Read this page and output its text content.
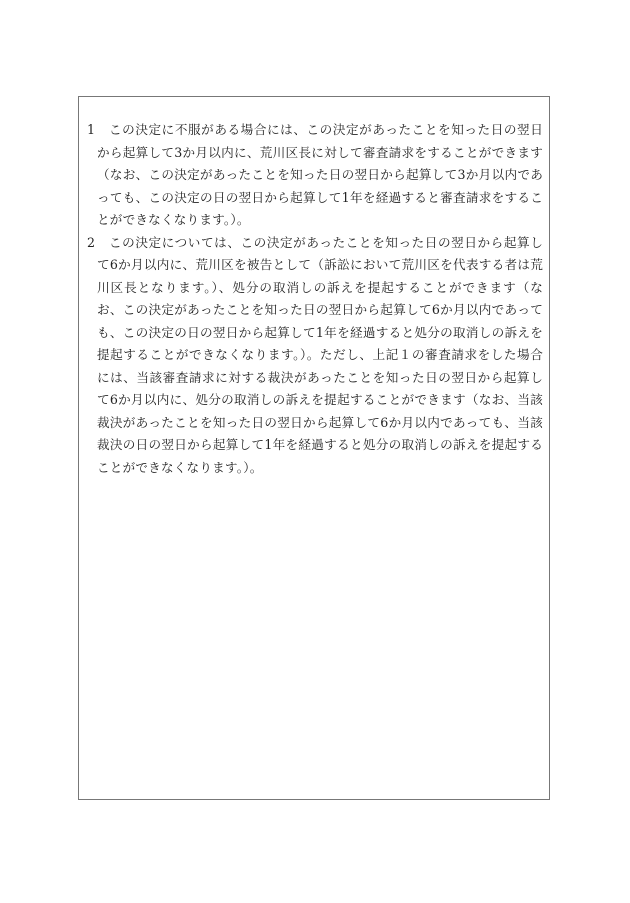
1	この決定に不服がある場合には、この決定があったことを知った日の翌日から起算して3か月以内に、荒川区長に対して審査請求をすることができます（なお、この決定があったことを知った日の翌日から起算して3か月以内であっても、この決定の日の翌日から起算して1年を経過すると審査請求をすることができなくなります。）。
2	この決定については、この決定があったことを知った日の翌日から起算して6か月以内に、荒川区を被告として（訴訟において荒川区を代表する者は荒川区長となります。）、処分の取消しの訴えを提起することができます（なお、この決定があったことを知った日の翌日から起算して6か月以内であっても、この決定の日の翌日から起算して1年を経過すると処分の取消しの訴えを提起することができなくなります。）。ただし、上記１の審査請求をした場合には、当該審査請求に対する裁決があったことを知った日の翌日から起算して6か月以内に、処分の取消しの訴えを提起することができます（なお、当該裁決があったことを知った日の翌日から起算して6か月以内であっても、当該裁決の日の翌日から起算して1年を経過すると処分の取消しの訴えを提起することができなくなります。）。
